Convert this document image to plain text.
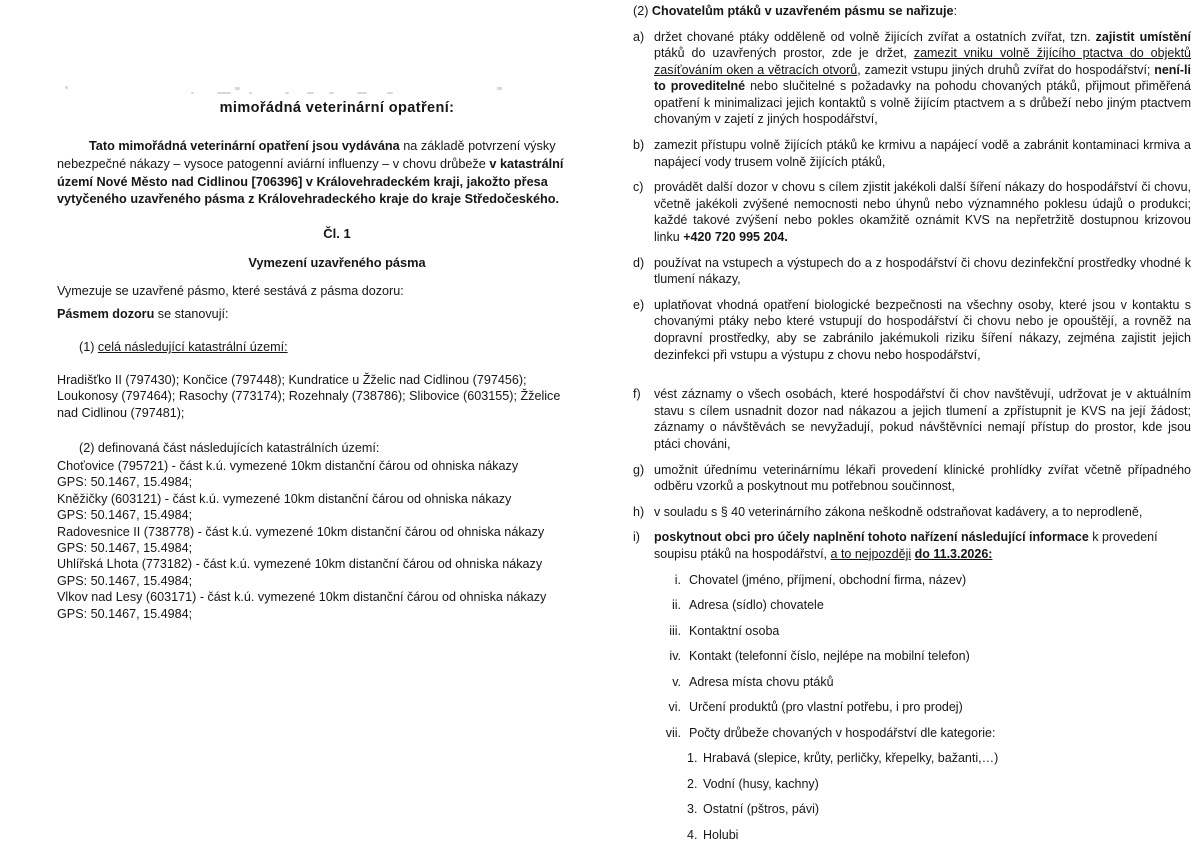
mimořádná veterinární opatření:
Tato mimořádná veterinární opatření jsou vydávána na základě potvrzení výsky
nebezpečné nákazy – vysoce patogenní aviární influenzy – v chovu drůbeže v katastrální
území Nové Město nad Cidlinou [706396] v Královehradeckém kraji, jakožto přesa
vytyčeného uzavřeného pásma z Královehradeckého kraje do kraje Středočeského.
Čl. 1
Vymezení uzavřeného pásma
Vymezuje se uzavřené pásmo, které sestává z pásma dozoru:
Pásmem dozoru se stanovují:
(1) celá následující katastrální území:
Hradišťko II (797430); Končice (797448); Kundratice u Žželic nad Cidlinou (797456); Loukonosy (797464); Rasochy (773174); Rozehnaly (738786); Slibovice (603155); Žželice nad Cidlinou (797481);
(2) definovaná část následujících katastrálních území:
Choťovice (795721) - část k.ú. vymezené 10km distanční čárou od ohniska nákazy
GPS: 50.1467, 15.4984;
Kněžičky (603121) - část k.ú. vymezené 10km distanční čárou od ohniska nákazy
GPS: 50.1467, 15.4984;
Radovesnice II (738778) - část k.ú. vymezené 10km distanční čárou od ohniska nákazy
GPS: 50.1467, 15.4984;
Uhlířská Lhota (773182) - část k.ú. vymezené 10km distanční čárou od ohniska nákazy
GPS: 50.1467, 15.4984;
Vlkov nad Lesy (603171) - část k.ú. vymezené 10km distanční čárou od ohniska nákazy
GPS: 50.1467, 15.4984;
(2) Chovatelům ptáků v uzavřeném pásmu se nařizuje:
a) držet chované ptáky odděleně od volně žijících zvířat a ostatních zvířat, tzn. zajistit umístění ptáků do uzavřených prostor, zde je držet, zamezit vniku volně žijícího ptactva do objektů zasíťováním oken a větracích otvorů, zamezit vstupu jiných druhů zvířat do hospodářství; není-li to proveditelné nebo slučitelné s požadavky na pohodu chovaných ptáků, přijmout přiměřená opatření k minimalizaci jejich kontaktů s volně žijícím ptactvem a s drůbeží nebo jiným ptactvem chovaným v zajetí z jiných hospodářství,
b) zamezit přístupu volně žijících ptáků ke krmivu a napájecí vodě a zabránit kontaminaci krmiva a napájecí vody trusem volně žijících ptáků,
c) provádět další dozor v chovu s cílem zjistit jakékoli další šíření nákazy do hospodářství či chovu, včetně jakékoli zvýšené nemocnosti nebo úhynů nebo významného poklesu údajů o produkci; každé takové zvýšení nebo pokles okamžitě oznámit KVS na nepřetržitě dostupnou krizovou linku +420 720 995 204.
d) používat na vstupech a výstupech do a z hospodářství či chovu dezinfekční prostředky vhodné k tlumení nákazy,
e) uplatňovat vhodná opatření biologické bezpečnosti na všechny osoby, které jsou v kontaktu s chovanými ptáky nebo které vstupují do hospodářství či chovu nebo je opouštějí, a rovněž na dopravní prostředky, aby se zabránilo jakémukoli riziku šíření nákazy, zejména zajistit jejich dezinfekci při vstupu a výstupu z chovu nebo hospodářství,
f)	vést záznamy o všech osobách, které hospodářství či chov navštěvují, udržovat je v aktuálním stavu s cílem usnadnit dozor nad nákazou a jejich tlumení a zpřístupnit je KVS na její žádost; záznamy o návštěvách se nevyžadují, pokud návštěvníci nemají přístup do prostor, kde jsou ptáci chováni,
g) umožnit úřednímu veterinárnímu lékaři provedení klinické prohlídky zvířat včetně případného odběru vzorků a poskytnout mu potřebnou součinnost,
h) v souladu s § 40 veterinárního zákona neškodně odstraňovat kadávery, a to neprodleně,
i)	poskytnout obci pro účely naplnění tohoto nařízení následující informace k provedení soupisu ptáků na hospodářství, a to nejpozději do 11.3.2026:
i. Chovatel (jméno, příjmení, obchodní firma, název)
ii. Adresa (sídlo) chovatele
iii. Kontaktní osoba
iv. Kontakt (telefonní číslo, nejlépe na mobilní telefon)
v. Adresa místa chovu ptáků
vi. Určení produktů (pro vlastní potřebu, i pro prodej)
vii. Počty drůbeže chovaných v hospodářství dle kategorie:
1. Hrabavá (slepice, krůty, perličky, křepelky, bažanti,…)
2. Vodní (husy, kachny)
3. Ostatní (pštros, pávi)
4. Holubi
